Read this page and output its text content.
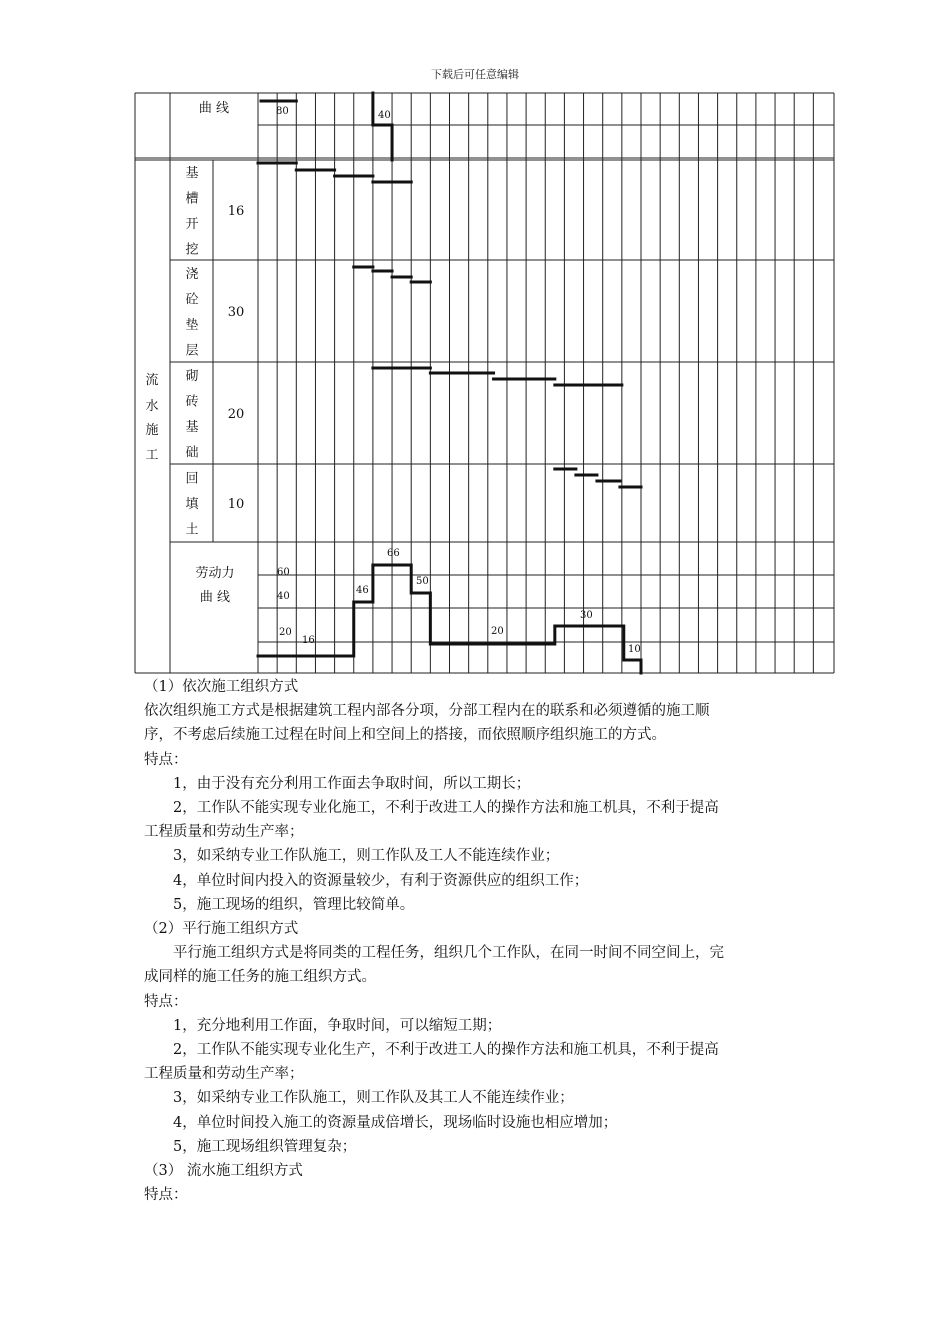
下载后可任意编辑
曲 线	80	40
流
水
施
工
基
槽
开
挖
16
浇
砼
垫
层
30
砌
砖
基
础
20
回
填
土
10
劳动力
曲 线
60
40
20
16
46
66
50
20
30
10

（1）依次施工组织方式

依次组织施工方式是根据建筑工程内部各分项，分部工程内在的联系和必须遵循的施工顺

序，不考虑后续施工过程在时间上和空间上的搭接，而依照顺序组织施工的方式。

特点：

　　1，由于没有充分利用工作面去争取时间，所以工期长；

　　2，工作队不能实现专业化施工，不利于改进工人的操作方法和施工机具，不利于提高

工程质量和劳动生产率；

　　3，如采纳专业工作队施工，则工作队及工人不能连续作业；

　　4，单位时间内投入的资源量较少，有利于资源供应的组织工作；

　　5，施工现场的组织，管理比较简单。

（2）平行施工组织方式

　　平行施工组织方式是将同类的工程任务，组织几个工作队，在同一时间不同空间上，完

成同样的施工任务的施工组织方式。

特点：

　　1，充分地利用工作面，争取时间，可以缩短工期；

　　2，工作队不能实现专业化生产，不利于改进工人的操作方法和施工机具，不利于提高

工程质量和劳动生产率；

　　3，如采纳专业工作队施工，则工作队及其工人不能连续作业；

　　4，单位时间投入施工的资源量成倍增长，现场临时设施也相应增加；

　　5，施工现场组织管理复杂；

（3） 流水施工组织方式

特点：
